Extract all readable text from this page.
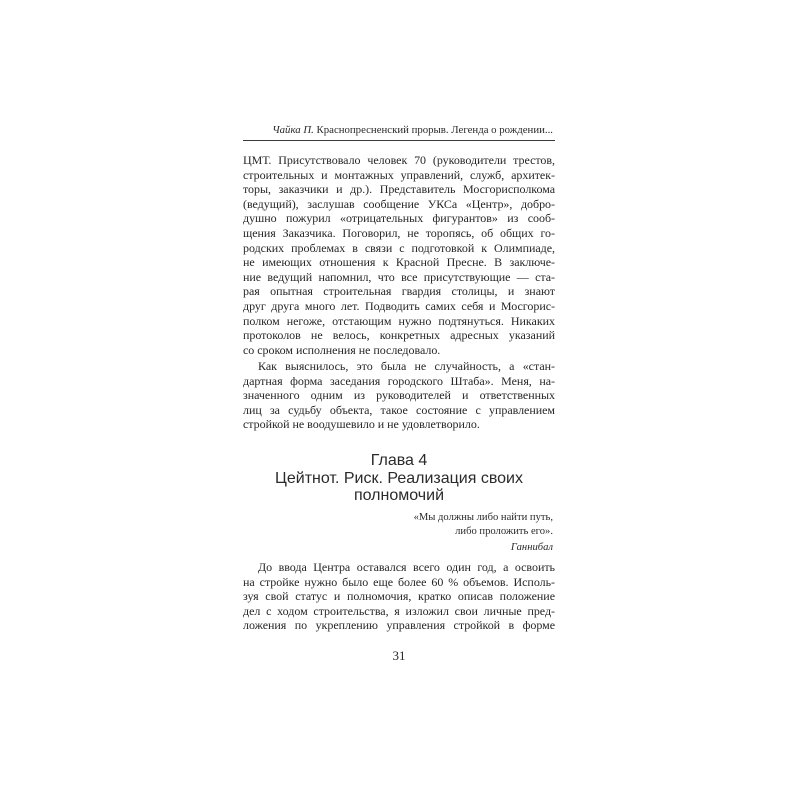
Чайка П. Краснопресненский прорыв. Легенда о рождении...
ЦМТ. Присутствовало человек 70 (руководители трестов,
строительных и монтажных управлений, служб, архитек-
торы, заказчики и др.). Представитель Мосгорисполкома
(ведущий), заслушав сообщение УКСа «Центр», добро-
душно пожурил «отрицательных фигурантов» из сооб-
щения Заказчика. Поговорил, не торопясь, об общих го-
родских проблемах в связи с подготовкой к Олимпиаде,
не имеющих отношения к Красной Пресне. В заключе-
ние ведущий напомнил, что все присутствующие — ста-
рая опытная строительная гвардия столицы, и знают
друг друга много лет. Подводить самих себя и Мосгорис-
полком негоже, отстающим нужно подтянуться. Никаких
протоколов не велось, конкретных адресных указаний
со сроком исполнения не последовало.
Как выяснилось, это была не случайность, а «стан-
дартная форма заседания городского Штаба». Меня, на-
значенного одним из руководителей и ответственных
лиц за судьбу объекта, такое состояние с управлением
стройкой не воодушевило и не удовлетворило.
Глава 4
Цейтнот. Риск. Реализация своих
полномочий
«Мы должны либо найти путь,
либо проложить его».
Ганнибал
До ввода Центра оставался всего один год, а освоить
на стройке нужно было еще более 60 % объемов. Исполь-
зуя свой статус и полномочия, кратко описав положение
дел с ходом строительства, я изложил свои личные пред-
ложения по укреплению управления стройкой в форме
31
